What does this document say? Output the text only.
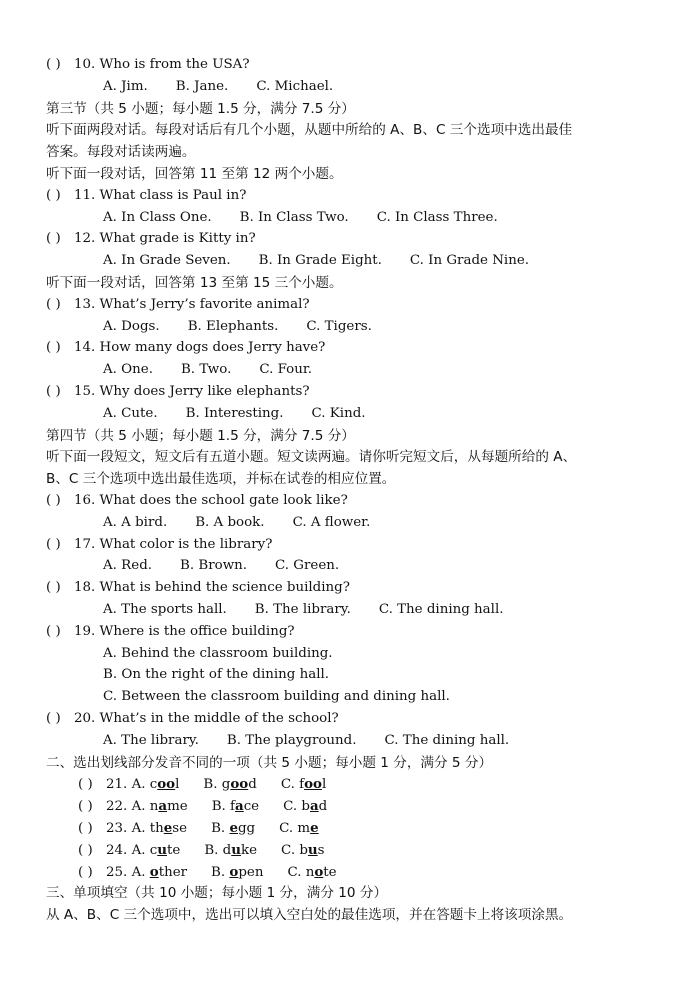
( ) 10. Who is from the USA?
A. Jim. B. Jane. C. Michael.
第三节（共 5 小题；每小题 1.5 分，满分 7.5 分）
听下面两段对话。每段对话后有几个小题，从题中所给的 A、B、C 三个选项中选出最佳
答案。每段对话读两遍。
听下面一段对话，回答第 11 至第 12 两个小题。
( ) 11. What class is Paul in?
A. In Class One. B. In Class Two. C. In Class Three.
( ) 12. What grade is Kitty in?
A. In Grade Seven. B. In Grade Eight. C. In Grade Nine.
听下面一段对话，回答第 13 至第 15 三个小题。
( ) 13. What’s Jerry’s favorite animal?
A. Dogs. B. Elephants. C. Tigers.
( ) 14. How many dogs does Jerry have?
A. One. B. Two. C. Four.
( ) 15. Why does Jerry like elephants?
A. Cute. B. Interesting. C. Kind.
第四节（共 5 小题；每小题 1.5 分，满分 7.5 分）
听下面一段短文，短文后有五道小题。短文读两遍。请你听完短文后，从每题所给的 A、
B、C 三个选项中选出最佳选项，并标在试卷的相应位置。
( ) 16. What does the school gate look like?
A. A bird. B. A book. C. A flower.
( ) 17. What color is the library?
A. Red. B. Brown. C. Green.
( ) 18. What is behind the science building?
A. The sports hall. B. The library. C. The dining hall.
( ) 19. Where is the office building?
A. Behind the classroom building.
B. On the right of the dining hall.
C. Between the classroom building and dining hall.
( ) 20. What’s in the middle of the school?
A. The library. B. The playground. C. The dining hall.
二、选出划线部分发音不同的一项（共 5 小题；每小题 1 分，满分 5 分）
( ) 21. A. cool B. good C. fool
( ) 22. A. name B. face C. bad
( ) 23. A. these B. egg C. me
( ) 24. A. cute B. duke C. bus
( ) 25. A. other B. open C. note
三、单项填空（共 10 小题；每小题 1 分，满分 10 分）
从 A、B、C 三个选项中，选出可以填入空白处的最佳选项，并在答题卡上将该项涂黑。
